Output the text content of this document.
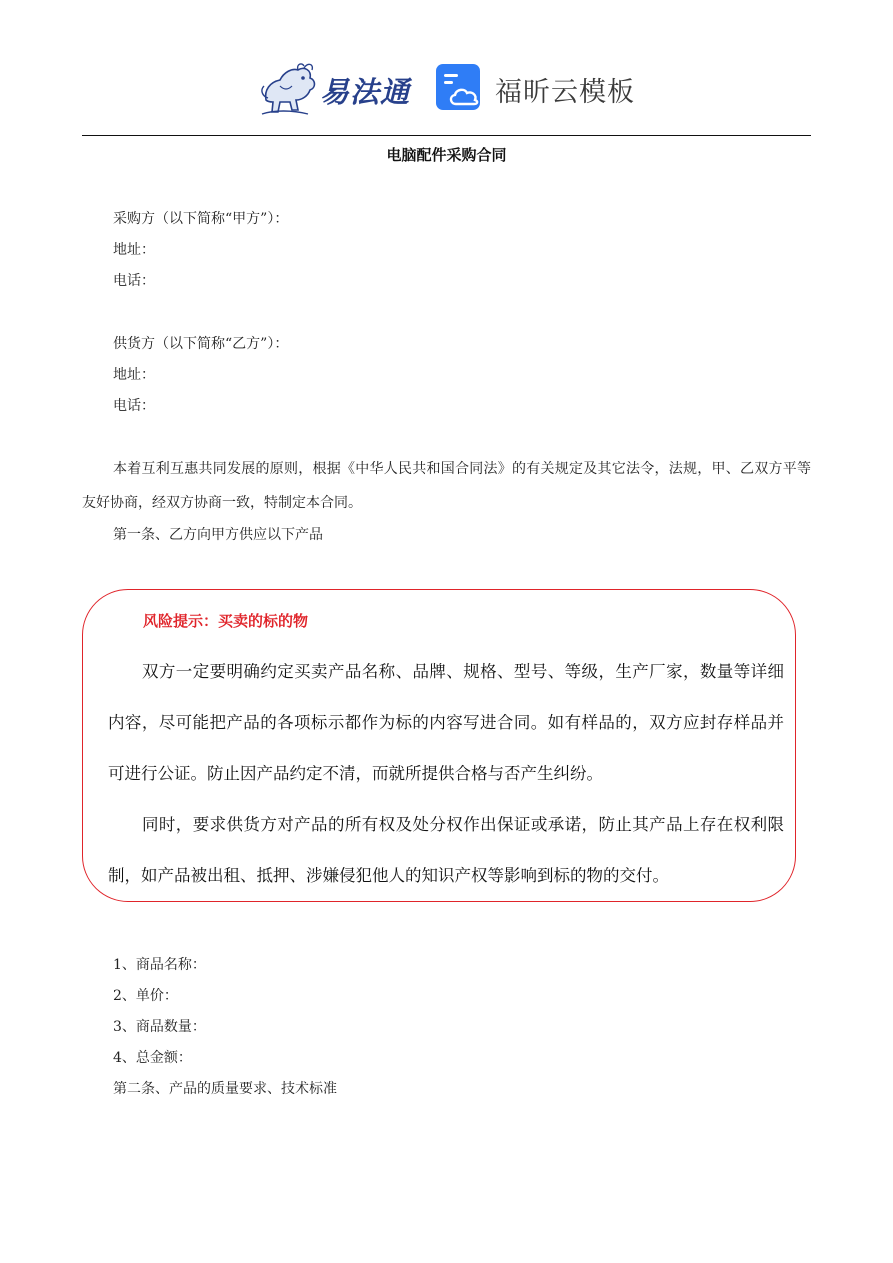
易法通	福昕云模板
电脑配件采购合同
采购方（以下简称“甲方”）：
地址：
电话：
供货方（以下简称“乙方”）：
地址：
电话：
本着互利互惠共同发展的原则，根据《中华人民共和国合同法》的有关规定及其它法令，法规，甲、乙双方平等友好协商，经双方协商一致，特制定本合同。
第一条、乙方向甲方供应以下产品
风险提示：买卖的标的物
双方一定要明确约定买卖产品名称、品牌、规格、型号、等级，生产厂家，数量等详细内容，尽可能把产品的各项标示都作为标的内容写进合同。如有样品的，双方应封存样品并可进行公证。防止因产品约定不清，而就所提供合格与否产生纠纷。
同时，要求供货方对产品的所有权及处分权作出保证或承诺，防止其产品上存在权利限制，如产品被出租、抵押、涉嫌侵犯他人的知识产权等影响到标的物的交付。
1、商品名称：
2、单价：
3、商品数量：
4、总金额：
第二条、产品的质量要求、技术标准
